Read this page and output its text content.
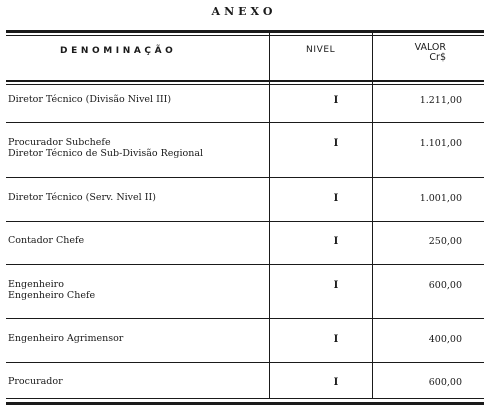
ANEXO
DENOMINAÇÃO	NIVEL	VALOR
Cr$
Diretor Técnico (Divisão Nivel III)	I	1.211,00
Procurador Subchefe
Diretor Técnico de Sub-Divisão Regional
I	1.101,00
Diretor Técnico (Serv. Nivel II)	I	1.001,00
Contador Chefe	I	250,00
Engenheiro
Engenheiro Chefe
I	600,00
Engenheiro Agrimensor	I	400,00
Procurador	I	600,00
